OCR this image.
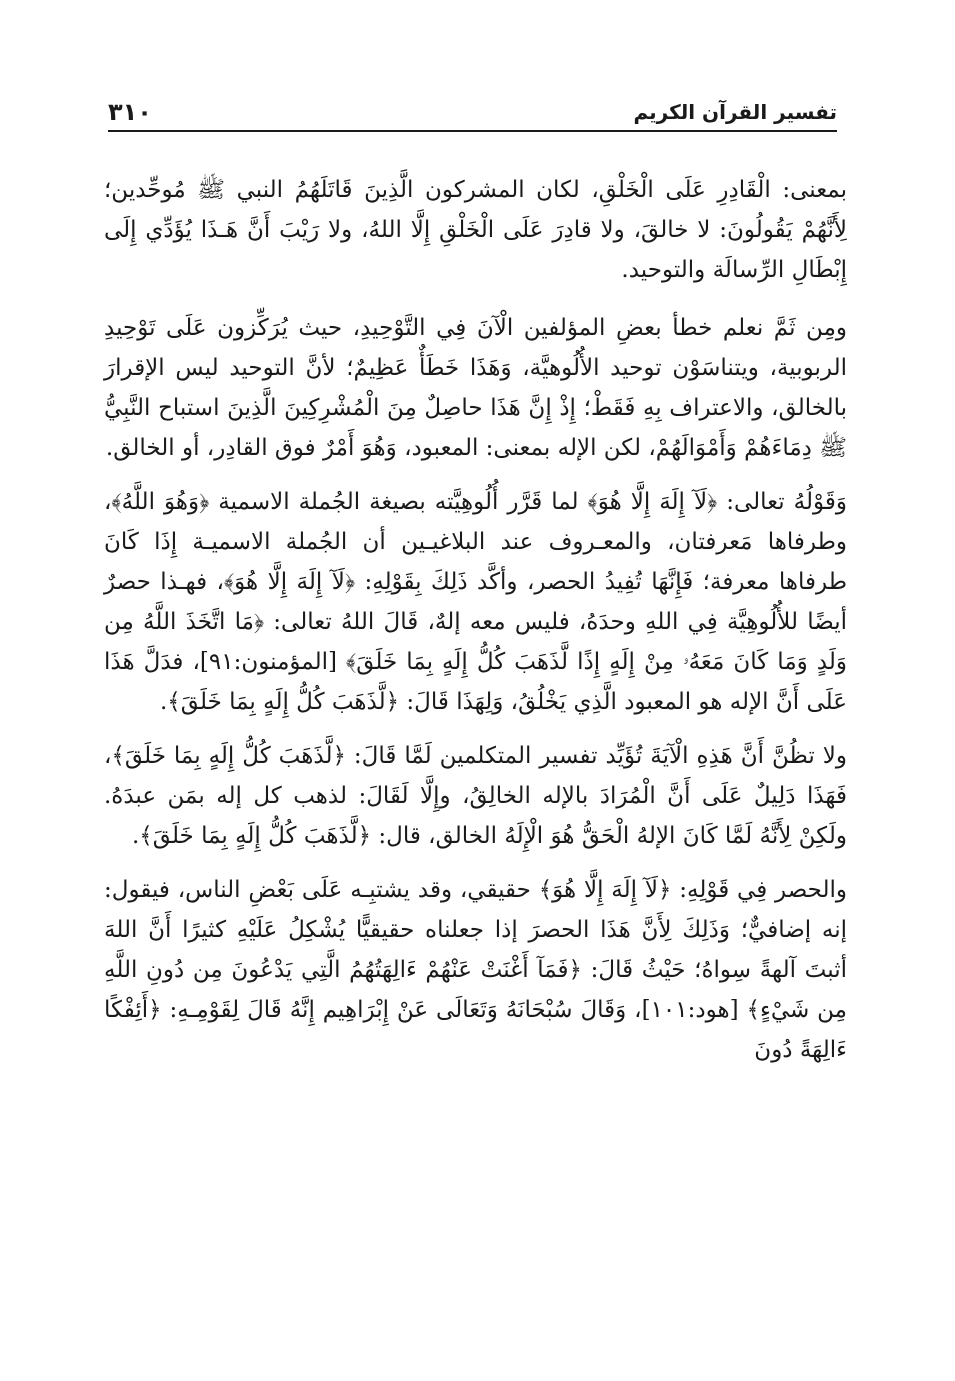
تفسير القرآن الكريم
٣١٠

بمعنى: الْقَادِرِ عَلَى الْخَلْقِ، لكان المشركون الَّذِينَ قَاتَلَهُمُ النبي ﷺ مُوحِّدين؛ لِأَنَّهُمْ يَقُولُونَ: لا خالقَ، ولا قادِرَ عَلَى الْخَلْقِ إِلَّا اللهُ، ولا رَيْبَ أَنَّ هَـذَا يُؤَدِّي إِلَى إِبْطَالِ الرِّسالَة والتوحيد.

ومِن ثَمَّ نعلم خطأ بعضِ المؤلفين الْآنَ فِي التَّوْحِيدِ، حيث يُرَكِّزون عَلَى تَوْحِيدِ الربوبية، ويتناسَوْن توحيد الأُلُوهيَّة، وَهَذَا خَطَأٌ عَظِيمٌ؛ لأنَّ التوحيد ليس الإقرارَ بالخالق، والاعتراف بِهِ فَقَطْ؛ إِذْ إِنَّ هَذَا حاصِلٌ مِنَ الْمُشْرِكِينَ الَّذِينَ استباح النَّبِيُّ ﷺ دِمَاءَهُمْ وَأَمْوَالَهُمْ، لكن الإله بمعنى: المعبود، وَهُوَ أَمْرٌ فوق القادِر، أو الخالق.

وَقَوْلُهُ تعالى: ﴿لَآ إِلَهَ إِلَّا هُوَ﴾ لما قَرَّر أُلُوهِيَّته بصيغة الجُملة الاسمية ﴿وَهُوَ اللَّهُ﴾، وطرفاها مَعرفتان، والمعـروف عند البلاغيـين أن الجُملة الاسميـة إِذَا كَانَ طرفاها معرفة؛ فَإِنَّهَا تُفِيدُ الحصر، وأكَّد ذَلِكَ بِقَوْلِهِ: ﴿لَآ إِلَهَ إِلَّا هُوَ﴾، فهـذا حصرٌ أيضًا للأُلُوهِيَّة فِي اللهِ وحدَهُ، فليس معه إلهٌ، قَالَ اللهُ تعالى: ﴿مَا اتَّخَذَ اللَّهُ مِن وَلَدٍ وَمَا كَانَ مَعَهُۥ مِنْ إِلَهٍ إِذًا لَّذَهَبَ كُلُّ إِلَهٍ بِمَا خَلَقَ﴾ [المؤمنون:٩١]، فدَلَّ هَذَا عَلَى أَنَّ الإله هو المعبود الَّذِي يَخْلُقُ، وَلِهَذَا قَالَ: ﴿لَّذَهَبَ كُلُّ إِلَهٍ بِمَا خَلَقَ﴾.

ولا تظُنَّ أَنَّ هَذِهِ الْآيَةَ تُؤَيِّد تفسير المتكلمين لَمَّا قَالَ: ﴿لَّذَهَبَ كُلُّ إِلَهٍ بِمَا خَلَقَ﴾، فَهَذَا دَلِيلٌ عَلَى أَنَّ الْمُرَادَ بالإله الخالِقُ، وإِلَّا لَقَالَ: لذهب كل إله بمَن عبدَهُ. ولَكِنْ لِأَنَّهُ لَمَّا كَانَ الإلهُ الْحَقُّ هُوَ الْإِلَهُ الخالق، قال: ﴿لَّذَهَبَ كُلُّ إِلَهٍ بِمَا خَلَقَ﴾.

والحصر فِي قَوْلِهِ: ﴿لَآ إِلَهَ إِلَّا هُوَ﴾ حقيقي، وقد يشتبِـه عَلَى بَعْضِ الناس، فيقول: إنه إضافيٌّ؛ وَذَلِكَ لِأَنَّ هَذَا الحصرَ إذا جعلناه حقيقيًّا يُشْكِلُ عَلَيْهِ كثيرًا أَنَّ اللهَ أثبتَ آلهةً سِواهُ؛ حَيْثُ قَالَ: ﴿فَمَآ أَغْنَتْ عَنْهُمْ ءَالِهَتُهُمُ الَّتِي يَدْعُونَ مِن دُونِ اللَّهِ مِن شَيْءٍ﴾ [هود:١٠١]، وَقَالَ سُبْحَانَهُ وَتَعَالَى عَنْ إِبْرَاهِيم إِنَّهُ قَالَ لِقَوْمِـهِ: ﴿أَئِفْكًا ءَالِهَةً دُونَ
